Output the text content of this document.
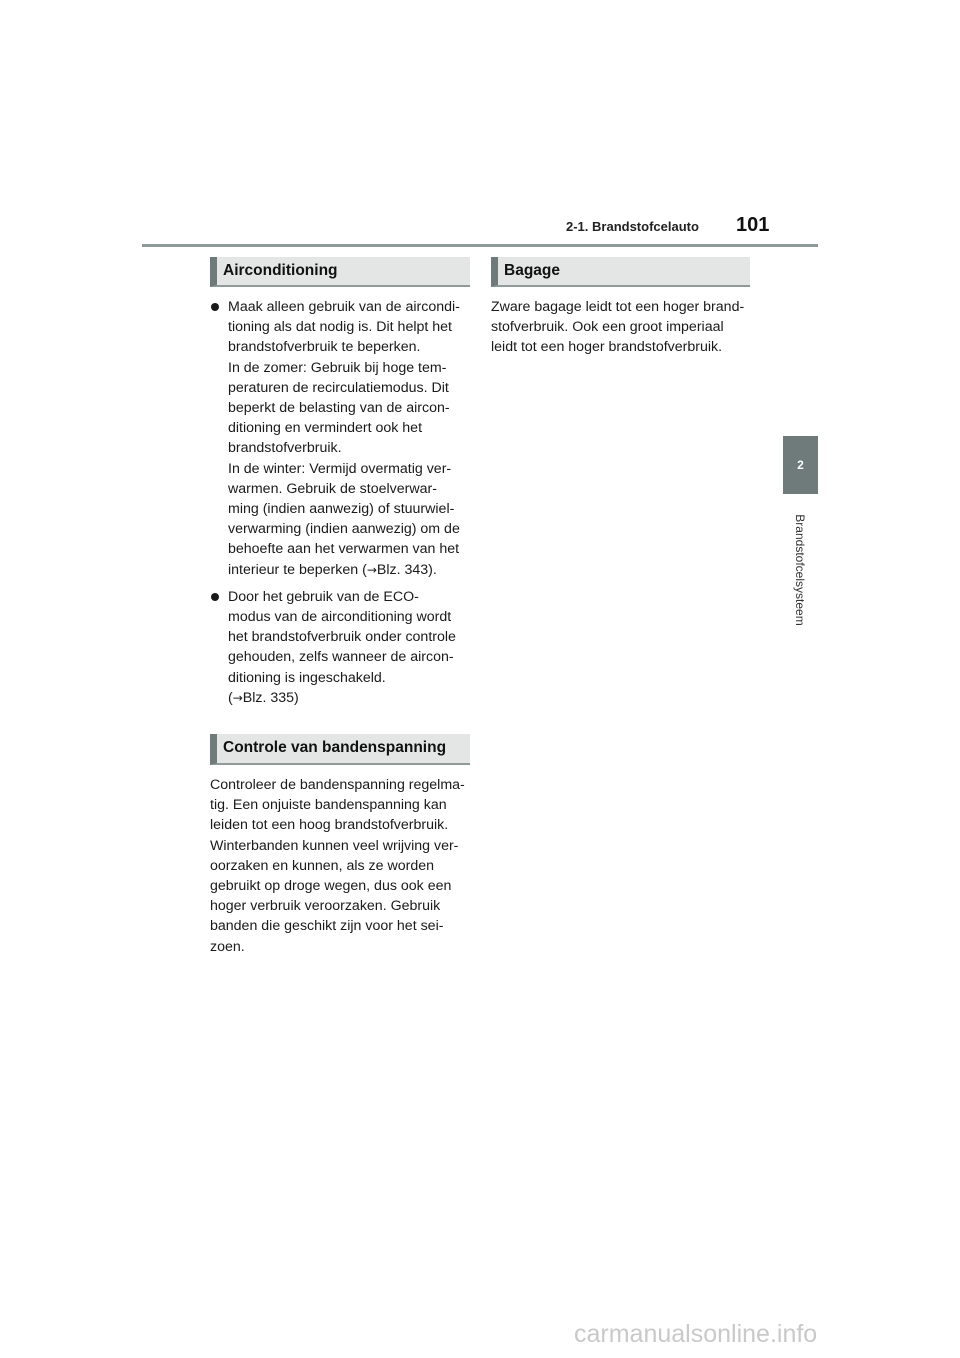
2-1. Brandstofcelauto 101
2
Brandstofcelsysteem
Airconditioning
Maak alleen gebruik van de aircondi-
tioning als dat nodig is. Dit helpt het
brandstofverbruik te beperken.
In de zomer: Gebruik bij hoge tem-
peraturen de recirculatiemodus. Dit
beperkt de belasting van de aircon-
ditioning en vermindert ook het
brandstofverbruik.
In de winter: Vermijd overmatig ver-
warmen. Gebruik de stoelverwar-
ming (indien aanwezig) of stuurwiel-
verwarming (indien aanwezig) om de
behoefte aan het verwarmen van het
interieur te beperken (→Blz. 343).
Door het gebruik van de ECO-
modus van de airconditioning wordt
het brandstofverbruik onder controle
gehouden, zelfs wanneer de aircon-
ditioning is ingeschakeld.
(→Blz. 335)
Controle van bandenspanning
Controleer de bandenspanning regelma-
tig. Een onjuiste bandenspanning kan
leiden tot een hoog brandstofverbruik.
Winterbanden kunnen veel wrijving ver-
oorzaken en kunnen, als ze worden
gebruikt op droge wegen, dus ook een
hoger verbruik veroorzaken. Gebruik
banden die geschikt zijn voor het sei-
zoen.
Bagage
Zware bagage leidt tot een hoger brand-
stofverbruik. Ook een groot imperiaal
leidt tot een hoger brandstofverbruik.
carmanualsonline.info
